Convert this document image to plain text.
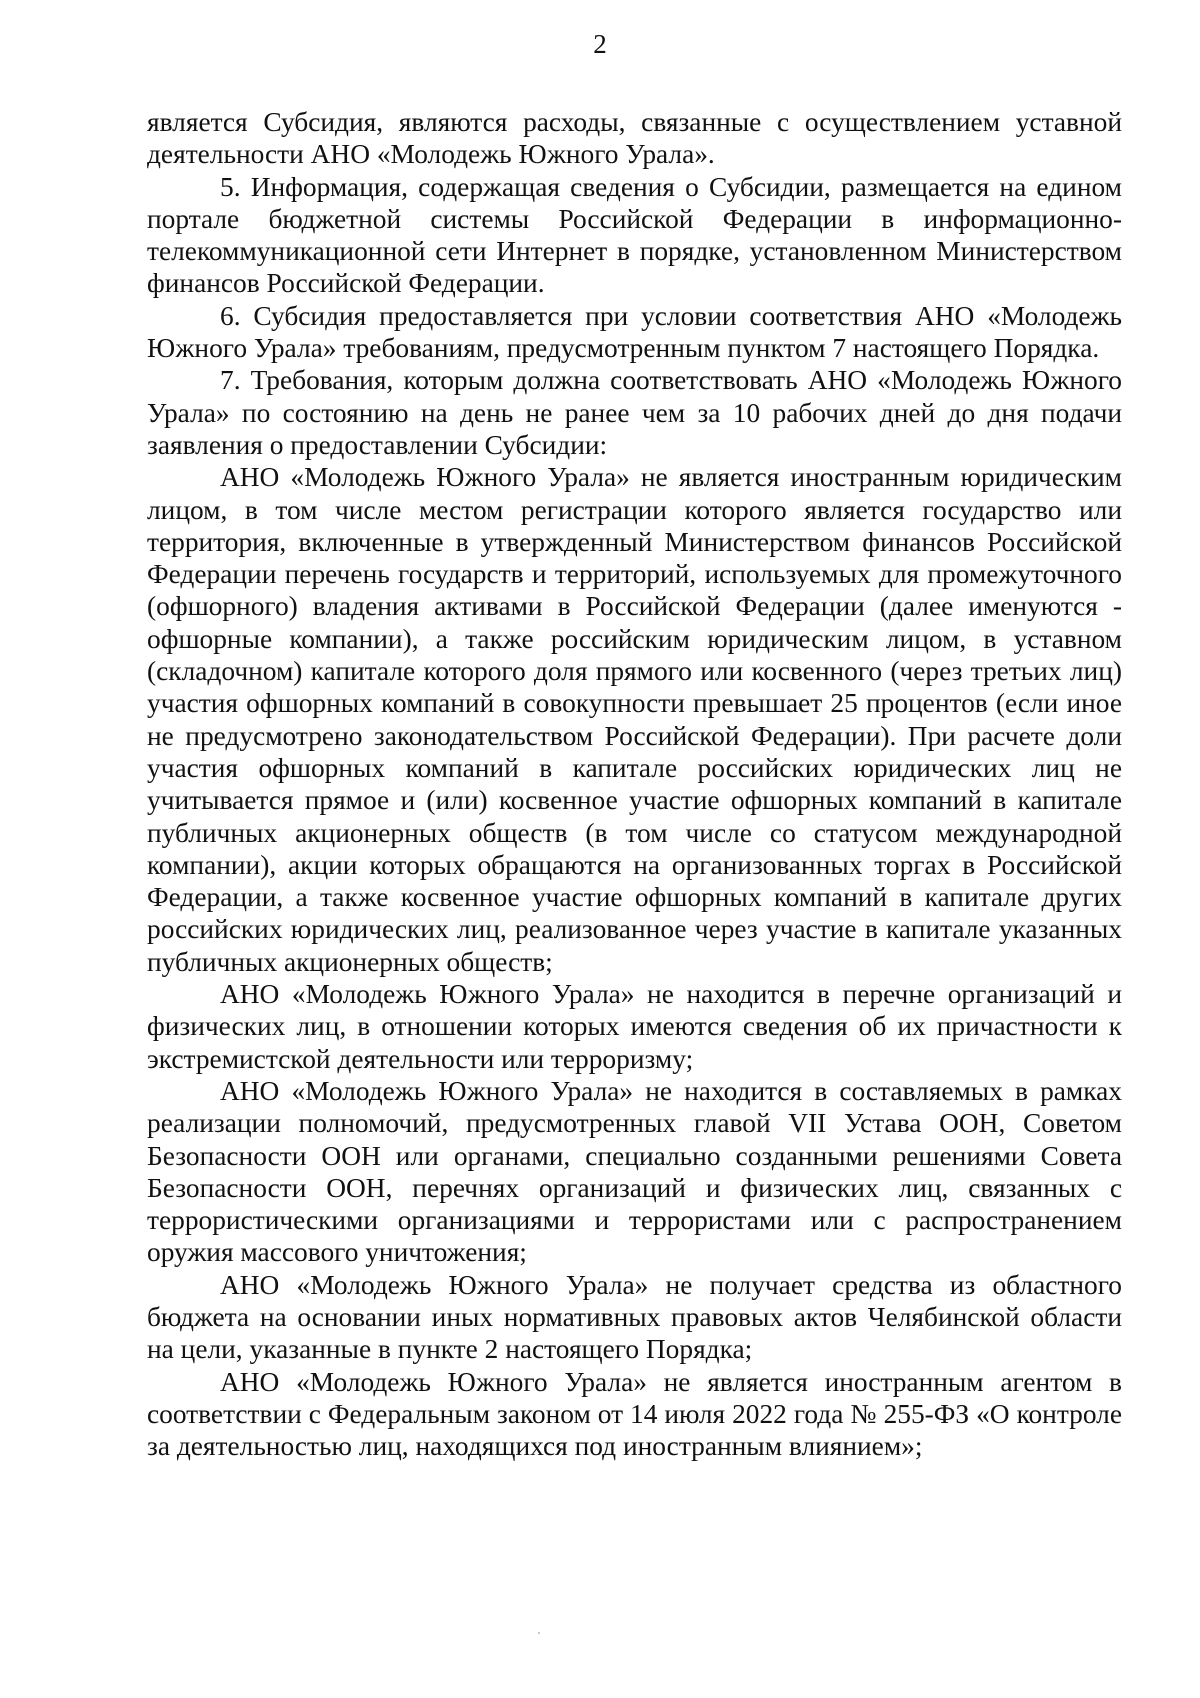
2

является Субсидия, являются расходы, связанные с осуществлением уставной деятельности АНО «Молодежь Южного Урала».

5. Информация, содержащая сведения о Субсидии, размещается на едином портале бюджетной системы Российской Федерации в информационно-телекоммуникационной сети Интернет в порядке, установленном Министерством финансов Российской Федерации.

6. Субсидия предоставляется при условии соответствия АНО «Молодежь Южного Урала» требованиям, предусмотренным пунктом 7 настоящего Порядка.

7. Требования, которым должна соответствовать АНО «Молодежь Южного Урала» по состоянию на день не ранее чем за 10 рабочих дней до дня подачи заявления о предоставлении Субсидии:

АНО «Молодежь Южного Урала» не является иностранным юридическим лицом, в том числе местом регистрации которого является государство или территория, включенные в утвержденный Министерством финансов Российской Федерации перечень государств и территорий, используемых для промежуточного (офшорного) владения активами в Российской Федерации (далее именуются - офшорные компании), а также российским юридическим лицом, в уставном (складочном) капитале которого доля прямого или косвенного (через третьих лиц) участия офшорных компаний в совокупности превышает 25 процентов (если иное не предусмотрено законодательством Российской Федерации). При расчете доли участия офшорных компаний в капитале российских юридических лиц не учитывается прямое и (или) косвенное участие офшорных компаний в капитале публичных акционерных обществ (в том числе со статусом международной компании), акции которых обращаются на организованных торгах в Российской Федерации, а также косвенное участие офшорных компаний в капитале других российских юридических лиц, реализованное через участие в капитале указанных публичных акционерных обществ;

АНО «Молодежь Южного Урала» не находится в перечне организаций и физических лиц, в отношении которых имеются сведения об их причастности к экстремистской деятельности или терроризму;

АНО «Молодежь Южного Урала» не находится в составляемых в рамках реализации полномочий, предусмотренных главой VII Устава ООН, Советом Безопасности ООН или органами, специально созданными решениями Совета Безопасности ООН, перечнях организаций и физических лиц, связанных с террористическими организациями и террористами или с распространением оружия массового уничтожения;

АНО «Молодежь Южного Урала» не получает средства из областного бюджета на основании иных нормативных правовых актов Челябинской области на цели, указанные в пункте 2 настоящего Порядка;

АНО «Молодежь Южного Урала» не является иностранным агентом в соответствии с Федеральным законом от 14 июля 2022 года № 255-ФЗ «О контроле за деятельностью лиц, находящихся под иностранным влиянием»;
